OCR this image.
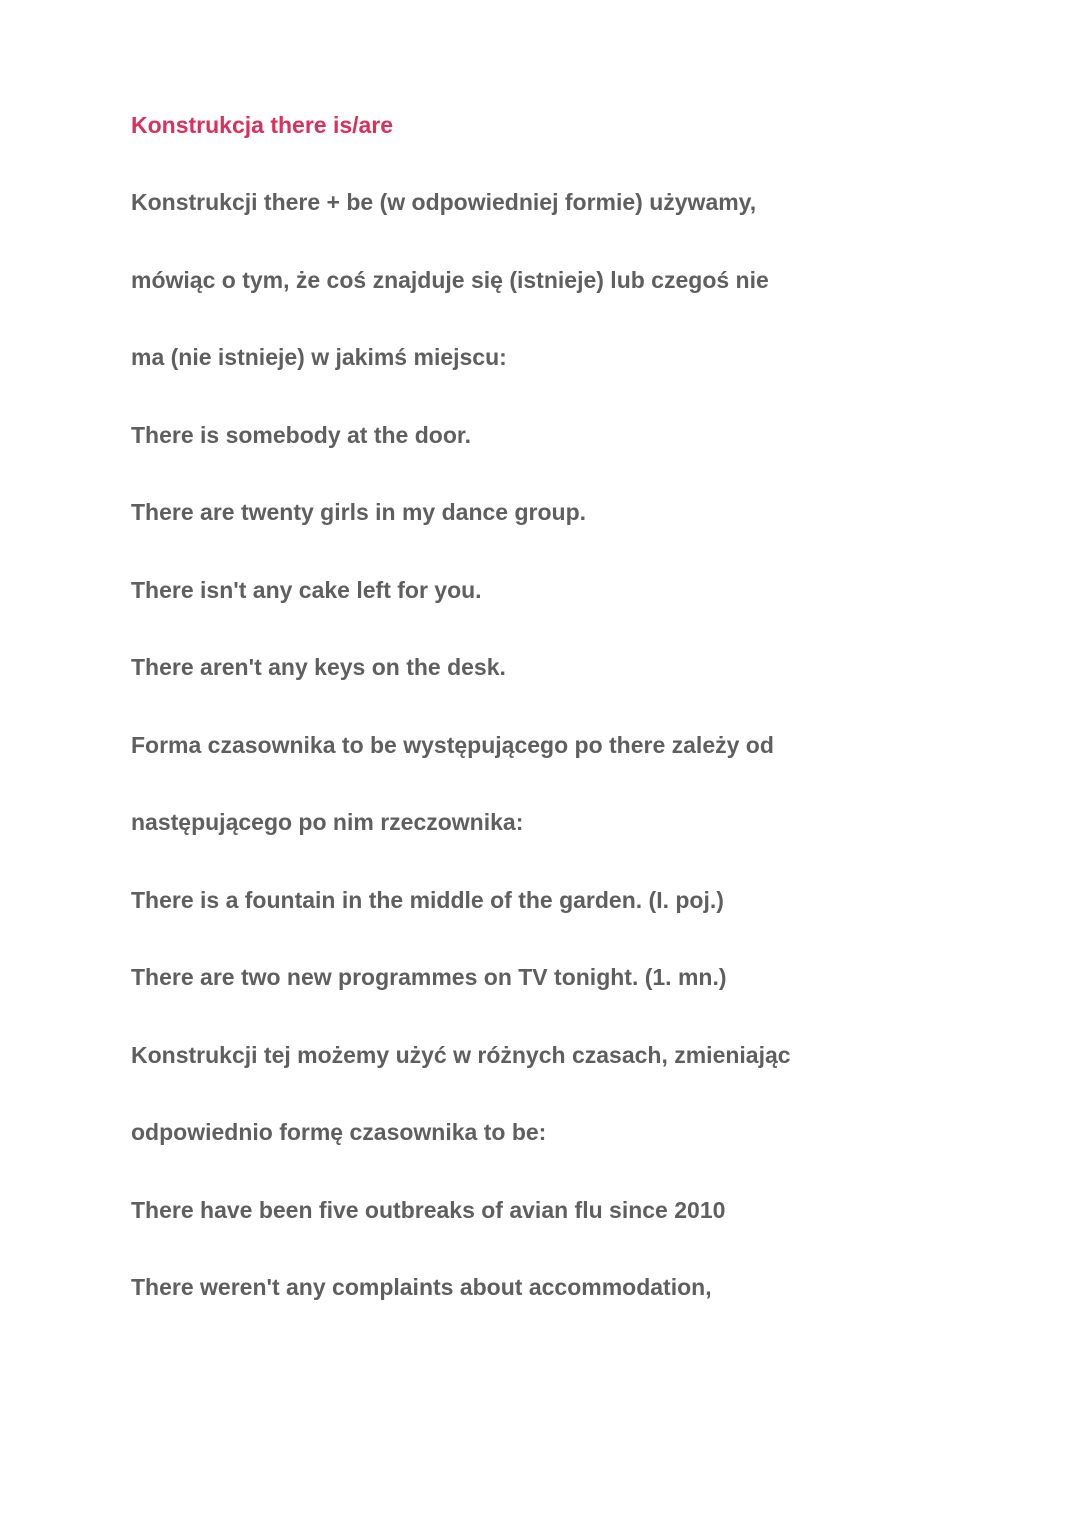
Konstrukcja there is/are
Konstrukcji there + be (w odpowiedniej formie) używamy,
mówiąc o tym, że coś znajduje się (istnieje) lub czegoś nie
ma (nie istnieje) w jakimś miejscu:
There is somebody at the door.
There are twenty girls in my dance group.
There isn't any cake left for you.
There aren't any keys on the desk.
Forma czasownika to be występującego po there zależy od
następującego po nim rzeczownika:
There is a fountain in the middle of the garden. (I. poj.)
There are two new programmes on TV tonight. (1. mn.)
Konstrukcji tej możemy użyć w różnych czasach, zmieniając
odpowiednio formę czasownika to be:
There have been five outbreaks of avian flu since 2010
There weren't any complaints about accommodation,
